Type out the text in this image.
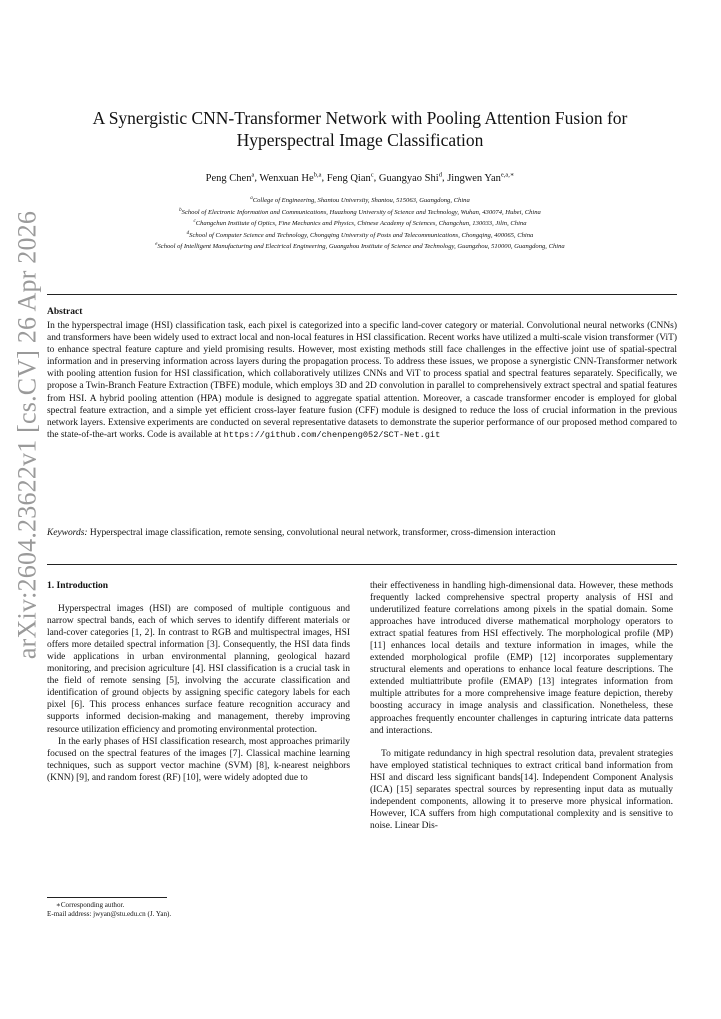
arXiv:2604.23622v1 [cs.CV] 26 Apr 2026
A Synergistic CNN-Transformer Network with Pooling Attention Fusion for Hyperspectral Image Classification
Peng Chen$^a$, Wenxuan He$^{b,a}$, Feng Qian$^c$, Guangyao Shi$^d$, Jingwen Yan$^{e,a,∗}$
$^a$College of Engineering, Shantou University, Shantou, 515063, Guangdong, China
$^b$School of Electronic Information and Communications, Huazhong University of Science and Technology, Wuhan, 430074, Hubei, China
$^c$Changchun Institute of Optics, Fine Mechanics and Physics, Chinese Academy of Sciences, Changchun, 130033, Jilin, China
$^d$School of Computer Science and Technology, Chongqing University of Posts and Telecommunications, Chongqing, 400065, China
$^e$School of Intelligent Manufacturing and Electrical Engineering, Guangzhou Institute of Science and Technology, Guangzhou, 510000, Guangdong, China
Abstract
In the hyperspectral image (HSI) classification task, each pixel is categorized into a specific land-cover category or material. Convolutional neural networks (CNNs) and transformers have been widely used to extract local and non-local features in HSI classification. Recent works have utilized a multi-scale vision transformer (ViT) to enhance spectral feature capture and yield promising results. However, most existing methods still face challenges in the effective joint use of spatial-spectral information and in preserving information across layers during the propagation process. To address these issues, we propose a synergistic CNN-Transformer network with pooling attention fusion for HSI classification, which collaboratively utilizes CNNs and ViT to process spatial and spectral features separately. Specifically, we propose a Twin-Branch Feature Extraction (TBFE) module, which employs 3D and 2D convolution in parallel to comprehensively extract spectral and spatial features from HSI. A hybrid pooling attention (HPA) module is designed to aggregate spatial attention. Moreover, a cascade transformer encoder is employed for global spectral feature extraction, and a simple yet efficient cross-layer feature fusion (CFF) module is designed to reduce the loss of crucial information in the previous network layers. Extensive experiments are conducted on several representative datasets to demonstrate the superior performance of our proposed method compared to the state-of-the-art works. Code is available at https://github.com/chenpeng052/SCT-Net.git
Keywords: Hyperspectral image classification, remote sensing, convolutional neural network, transformer, cross-dimension interaction
1. Introduction

Hyperspectral images (HSI) are composed of multiple contiguous and narrow spectral bands, each of which serves to identify different materials or land-cover categories [1, 2]. In contrast to RGB and multispectral images, HSI offers more detailed spectral information [3]. Consequently, the HSI data finds wide applications in urban environmental planning, geological hazard monitoring, and precision agriculture [4]. HSI classification is a crucial task in the field of remote sensing [5], involving the accurate classification and identification of ground objects by assigning specific category labels for each pixel [6]. This process enhances surface feature recognition accuracy and supports informed decision-making and management, thereby improving resource utilization efficiency and promoting environmental protection.

In the early phases of HSI classification research, most approaches primarily focused on the spectral features of the images [7]. Classical machine learning techniques, such as support vector machine (SVM) [8], k-nearest neighbors (KNN) [9], and random forest (RF) [10], were widely adopted due to

their effectiveness in handling high-dimensional data. However, these methods frequently lacked comprehensive spectral property analysis of HSI and underutilized feature correlations among pixels in the spatial domain. Some approaches have introduced diverse mathematical morphology operators to extract spatial features from HSI effectively. The morphological profile (MP) [11] enhances local details and texture information in images, while the extended morphological profile (EMP) [12] incorporates supplementary structural elements and operations to enhance local feature descriptions. The extended multiattribute profile (EMAP) [13] integrates information from multiple attributes for a more comprehensive image feature depiction, thereby boosting accuracy in image analysis and classification. Nonetheless, these approaches frequently encounter challenges in capturing intricate data patterns and interactions.

To mitigate redundancy in high spectral resolution data, prevalent strategies have employed statistical techniques to extract critical band information from HSI and discard less significant bands[14]. Independent Component Analysis (ICA) [15] separates spectral sources by representing input data as mutually independent components, allowing it to preserve more physical information. However, ICA suffers from high computational complexity and is sensitive to noise. Linear Dis-

∗Corresponding author.
E-mail address: jwyan@stu.edu.cn (J. Yan).
